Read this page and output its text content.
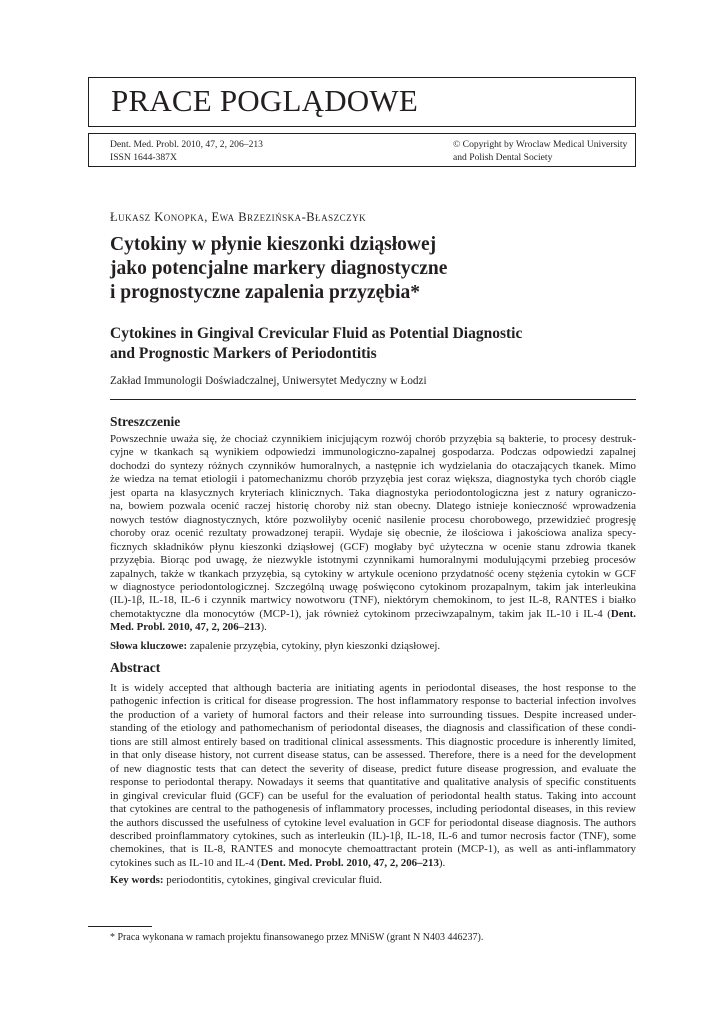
PRACE POGLĄDOWE
Dent. Med. Probl. 2010, 47, 2, 206–213
ISSN 1644-387X
© Copyright by Wroclaw Medical University
and Polish Dental Society
Łukasz Konopka, Ewa Brzezińska-Błaszczyk
Cytokiny w płynie kieszonki dziąsłowej
jako potencjalne markery diagnostyczne
i prognostyczne zapalenia przyzębia*
Cytokines in Gingival Crevicular Fluid as Potential Diagnostic
and Prognostic Markers of Periodontitis
Zakład Immunologii Doświadczalnej, Uniwersytet Medyczny w Łodzi
Streszczenie
Powszechnie uważa się, że chociaż czynnikiem inicjującym rozwój chorób przyzębia są bakterie, to procesy destruk-
cyjne w tkankach są wynikiem odpowiedzi immunologiczno-zapalnej gospodarza. Podczas odpowiedzi zapalnej
dochodzi do syntezy różnych czynników humoralnych, a następnie ich wydzielania do otaczających tkanek. Mimo
że wiedza na temat etiologii i patomechanizmu chorób przyzębia jest coraz większa, diagnostyka tych chorób ciągle
jest oparta na klasycznych kryteriach klinicznych. Taka diagnostyka periodontologiczna jest z natury ograniczo-
na, bowiem pozwala ocenić raczej historię choroby niż stan obecny. Dlatego istnieje konieczność wprowadzenia
nowych testów diagnostycznych, które pozwoliłyby ocenić nasilenie procesu chorobowego, przewidzieć progresję
choroby oraz ocenić rezultaty prowadzonej terapii. Wydaje się obecnie, że ilościowa i jakościowa analiza specy-
ficznych składników płynu kieszonki dziąsłowej (GCF) mogłaby być użyteczna w ocenie stanu zdrowia tkanek
przyzębia. Biorąc pod uwagę, że niezwykle istotnymi czynnikami humoralnymi modulującymi przebieg procesów
zapalnych, także w tkankach przyzębia, są cytokiny w artykule oceniono przydatność oceny stężenia cytokin w GCF
w diagnostyce periodontologicznej. Szczególną uwagę poświęcono cytokinom prozapalnym, takim jak interleukina
(IL)-1β, IL-18, IL-6 i czynnik martwicy nowotworu (TNF), niektórym chemokinom, to jest IL-8, RANTES i białko
chemotaktyczne dla monocytów (MCP-1), jak również cytokinom przeciwzapalnym, takim jak IL-10 i IL-4 (Dent.
Med. Probl. 2010, 47, 2, 206–213).
Słowa kluczowe: zapalenie przyzębia, cytokiny, płyn kieszonki dziąsłowej.
Abstract
It is widely accepted that although bacteria are initiating agents in periodontal diseases, the host response to the
pathogenic infection is critical for disease progression. The host inflammatory response to bacterial infection involves
the production of a variety of humoral factors and their release into surrounding tissues. Despite increased under-
standing of the etiology and pathomechanism of periodontal diseases, the diagnosis and classification of these condi-
tions are still almost entirely based on traditional clinical assessments. This diagnostic procedure is inherently limited,
in that only disease history, not current disease status, can be assessed. Therefore, there is a need for the development
of new diagnostic tests that can detect the severity of disease, predict future disease progression, and evaluate the
response to periodontal therapy. Nowadays it seems that quantitative and qualitative analysis of specific constituents
in gingival crevicular fluid (GCF) can be useful for the evaluation of periodontal health status. Taking into account
that cytokines are central to the pathogenesis of inflammatory processes, including periodontal diseases, in this review
the authors discussed the usefulness of cytokine level evaluation in GCF for periodontal disease diagnosis. The authors
described proinflammatory cytokines, such as interleukin (IL)-1β, IL-18, IL-6 and tumor necrosis factor (TNF), some
chemokines, that is IL-8, RANTES and monocyte chemoattractant protein (MCP-1), as well as anti-inflammatory
cytokines such as IL-10 and IL-4 (Dent. Med. Probl. 2010, 47, 2, 206–213).
Key words: periodontitis, cytokines, gingival crevicular fluid.
* Praca wykonana w ramach projektu finansowanego przez MNiSW (grant N N403 446237).
